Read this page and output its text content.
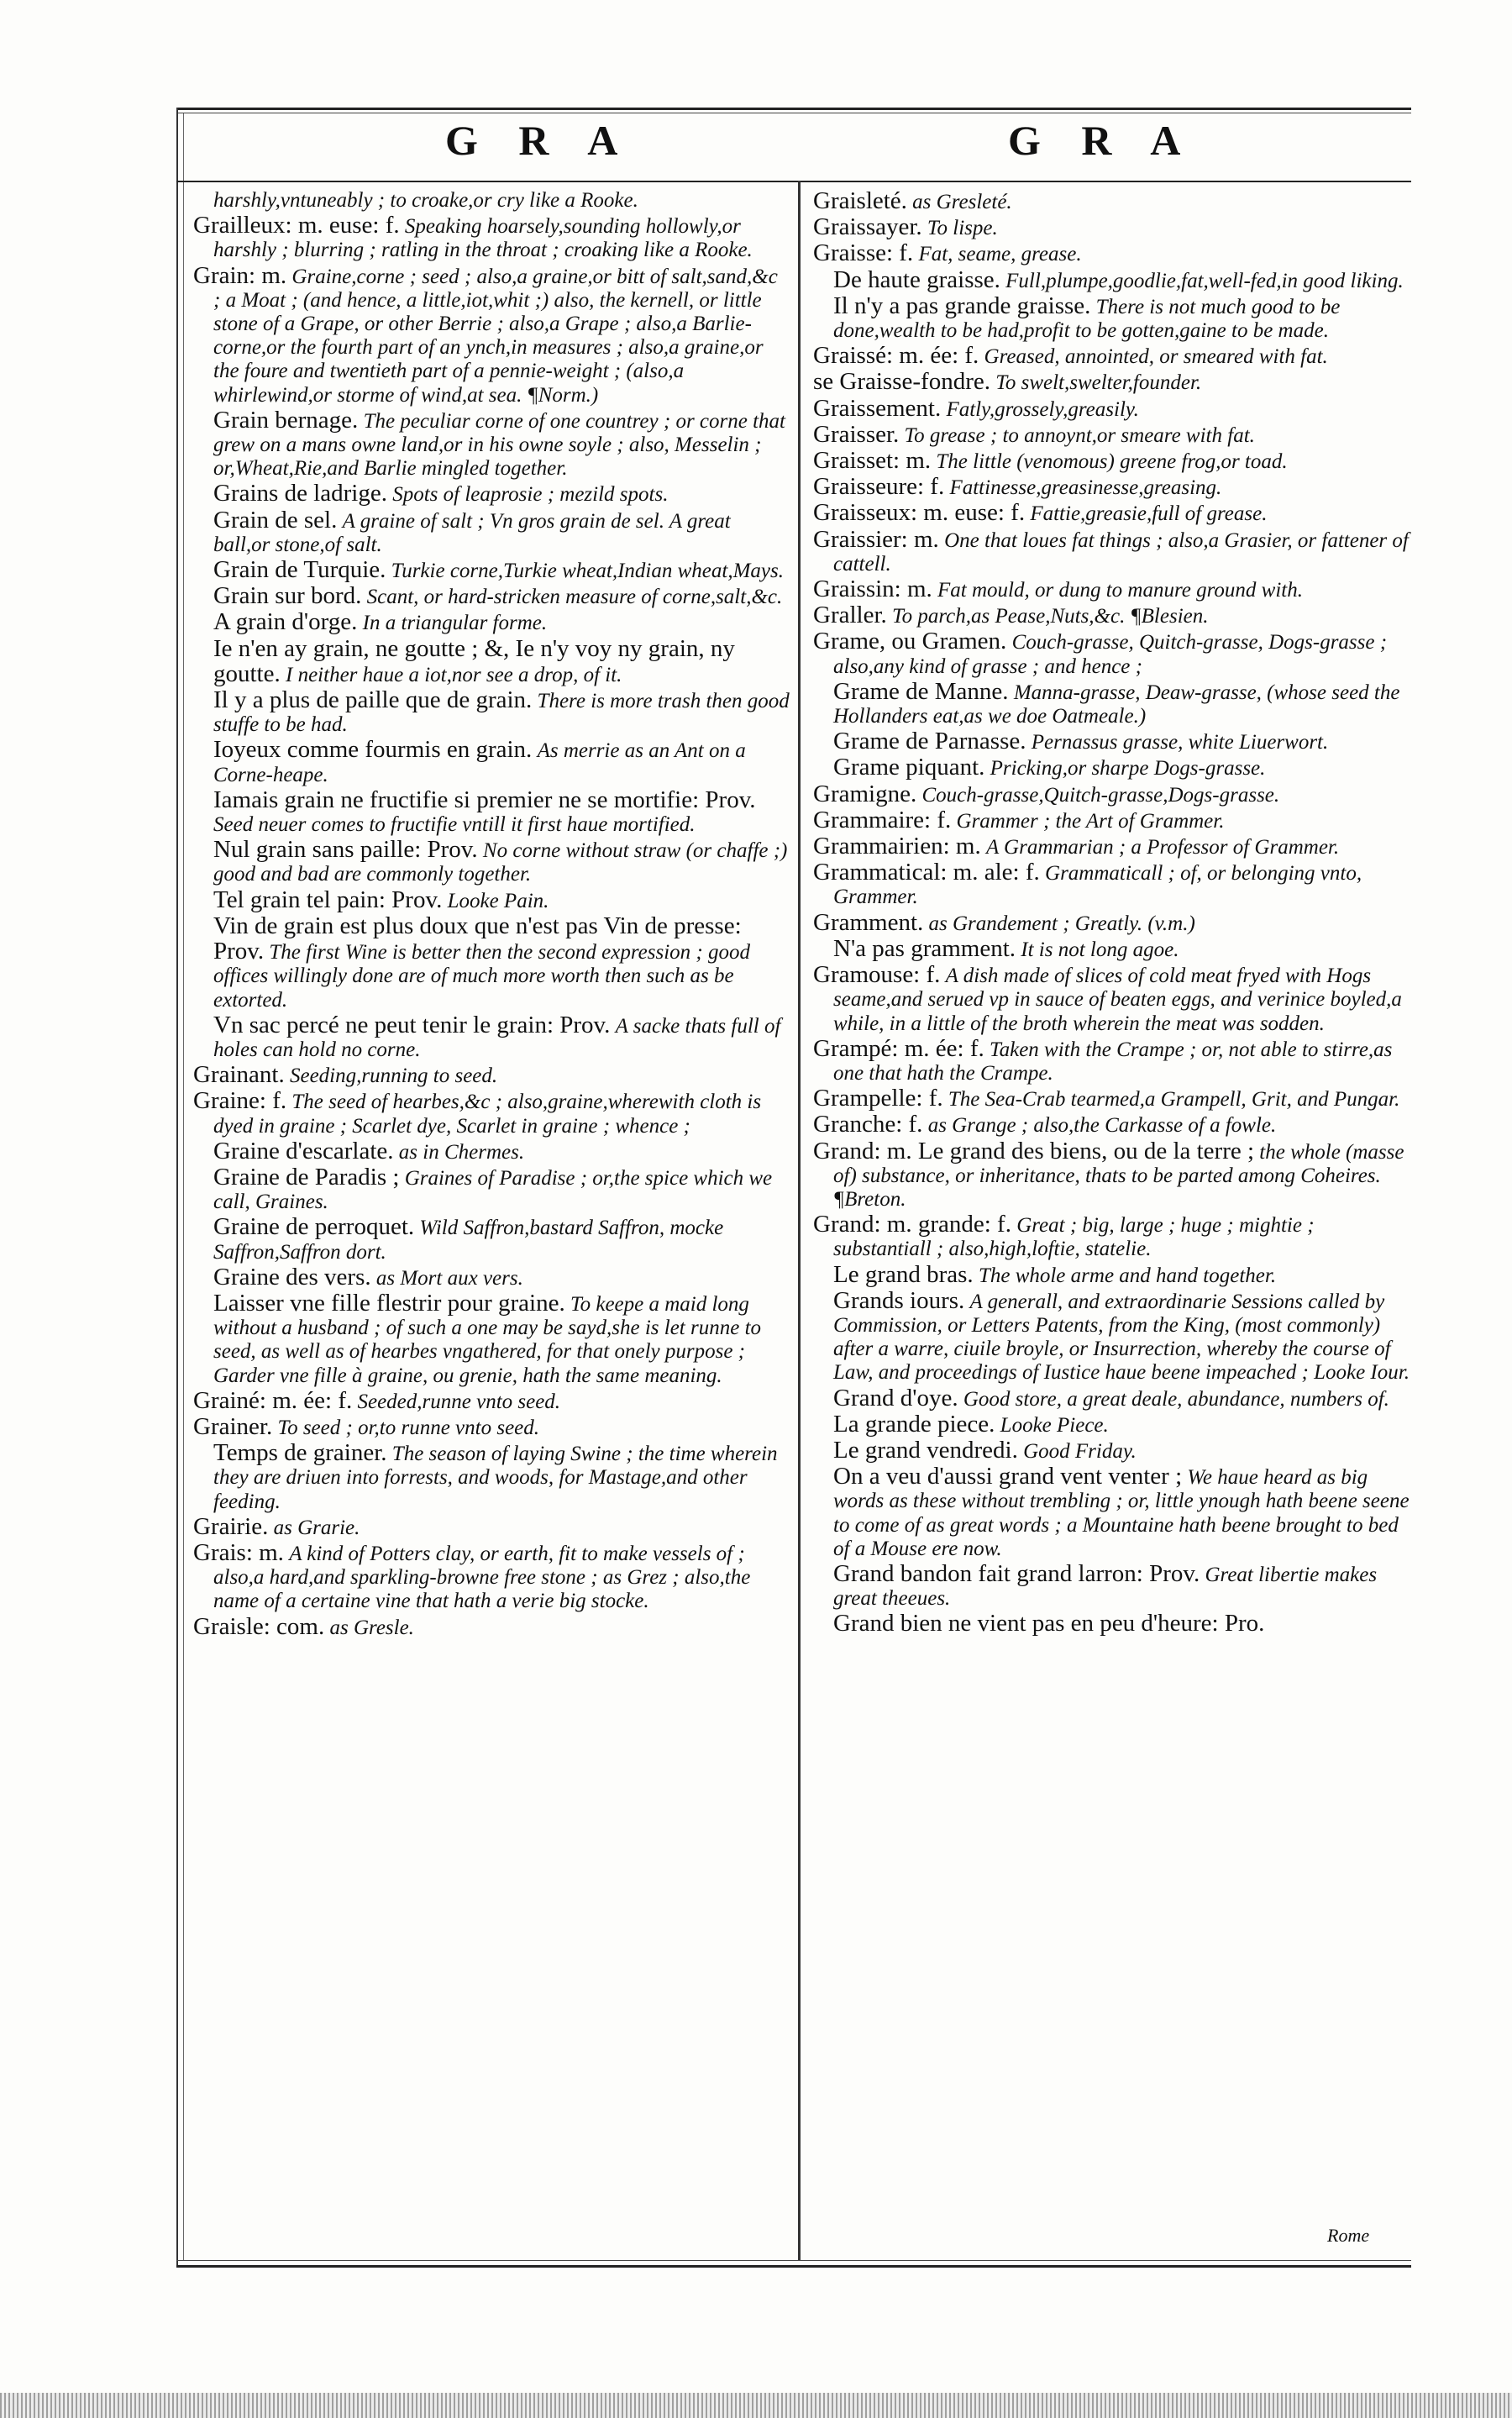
G R A	G R A
harshly,vntuneably ; to croake,or cry like a Rooke.
Grailleux: m. euse: f. Speaking hoarsely,sounding hollowly,or harshly ; blurring ; ratling in the throat ; croaking like a Rooke.
Grain: m. Graine,corne ; seed ; also,a graine,or bitt of salt,sand,&c ; a Moat ; (and hence, a little,iot,whit ;) also, the kernell, or little stone of a Grape, or other Berrie ; also,a Grape ; also,a Barlie-corne,or the fourth part of an ynch,in measures ; also,a graine,or the foure and twentieth part of a pennie-weight ; (also,a whirlewind,or storme of wind,at sea. ¶Norm.)
Grain bernage. The peculiar corne of one countrey ; or corne that grew on a mans owne land,or in his owne soyle ; also, Messelin ; or,Wheat,Rie,and Barlie mingled together.
Grains de ladrige. Spots of leaprosie ; mezild spots.
Grain de sel. A graine of salt ; Vn gros grain de sel. A great ball,or stone,of salt.
Grain de Turquie. Turkie corne,Turkie wheat,Indian wheat,Mays.
Grain sur bord. Scant, or hard-stricken measure of corne,salt,&c.
A grain d'orge. In a triangular forme.
Ie n'en ay grain, ne goutte ; &, Ie n'y voy ny grain, ny goutte. I neither haue a iot,nor see a drop, of it.
Il y a plus de paille que de grain. There is more trash then good stuffe to be had.
Ioyeux comme fourmis en grain. As merrie as an Ant on a Corne-heape.
Iamais grain ne fructifie si premier ne se mortifie: Prov. Seed neuer comes to fructifie vntill it first haue mortified.
Nul grain sans paille: Prov. No corne without straw (or chaffe ;) good and bad are commonly together.
Tel grain tel pain: Prov. Looke Pain.
Vin de grain est plus doux que n'est pas Vin de presse: Prov. The first Wine is better then the second expression ; good offices willingly done are of much more worth then such as be extorted.
Vn sac percé ne peut tenir le grain: Prov. A sacke thats full of holes can hold no corne.
Grainant. Seeding,running to seed.
Graine: f. The seed of hearbes,&c ; also,graine,wherewith cloth is dyed in graine ; Scarlet dye, Scarlet in graine ; whence ;
Graine d'escarlate. as in Chermes.
Graine de Paradis ; Graines of Paradise ; or,the spice which we call, Graines.
Graine de perroquet. Wild Saffron,bastard Saffron, mocke Saffron,Saffron dort.
Graine des vers. as Mort aux vers.
Laisser vne fille flestrir pour graine. To keepe a maid long without a husband ; of such a one may be sayd,she is let runne to seed, as well as of hearbes vngathered, for that onely purpose ; Garder vne fille à graine, ou grenie, hath the same meaning.
Grainé: m. ée: f. Seeded,runne vnto seed.
Grainer. To seed ; or,to runne vnto seed.
Temps de grainer. The season of laying Swine ; the time wherein they are driuen into forrests, and woods, for Mastage,and other feeding.
Grairie. as Grarie.
Grais: m. A kind of Potters clay, or earth, fit to make vessels of ; also,a hard,and sparkling-browne free stone ; as Grez ; also,the name of a certaine vine that hath a verie big stocke.
Graisle: com. as Gresle.
Graisleté. as Gresleté.
Graissayer. To lispe.
Graisse: f. Fat, seame, grease.
De haute graisse. Full,plumpe,goodlie,fat,well-fed,in good liking.
Il n'y a pas grande graisse. There is not much good to be done,wealth to be had,profit to be gotten,gaine to be made.
Graissé: m. ée: f. Greased, annointed, or smeared with fat.
se Graisse-fondre. To swelt,swelter,founder.
Graissement. Fatly,grossely,greasily.
Graisser. To grease ; to annoynt,or smeare with fat.
Graisset: m. The little (venomous) greene frog,or toad.
Graisseure: f. Fattinesse,greasinesse,greasing.
Graisseux: m. euse: f. Fattie,greasie,full of grease.
Graissier: m. One that loues fat things ; also,a Grasier, or fattener of cattell.
Graissin: m. Fat mould, or dung to manure ground with.
Graller. To parch,as Pease,Nuts,&c. ¶Blesien.
Grame, ou Gramen. Couch-grasse, Quitch-grasse, Dogs-grasse ; also,any kind of grasse ; and hence ;
Grame de Manne. Manna-grasse, Deaw-grasse, (whose seed the Hollanders eat,as we doe Oatmeale.)
Grame de Parnasse. Pernassus grasse, white Liuerwort.
Grame piquant. Pricking,or sharpe Dogs-grasse.
Gramigne. Couch-grasse,Quitch-grasse,Dogs-grasse.
Grammaire: f. Grammer ; the Art of Grammer.
Grammairien: m. A Grammarian ; a Professor of Grammer.
Grammatical: m. ale: f. Grammaticall ; of, or belonging vnto, Grammer.
Gramment. as Grandement ; Greatly. (v.m.)
N'a pas gramment. It is not long agoe.
Gramouse: f. A dish made of slices of cold meat fryed with Hogs seame,and serued vp in sauce of beaten eggs, and verinice boyled,a while, in a little of the broth wherein the meat was sodden.
Grampé: m. ée: f. Taken with the Crampe ; or, not able to stirre,as one that hath the Crampe.
Grampelle: f. The Sea-Crab tearmed,a Grampell, Grit, and Pungar.
Granche: f. as Grange ; also,the Carkasse of a fowle.
Grand: m. Le grand des biens, ou de la terre ; the whole (masse of) substance, or inheritance, thats to be parted among Coheires. ¶Breton.
Grand: m. grande: f. Great ; big, large ; huge ; mightie ; substantiall ; also,high,loftie, statelie.
Le grand bras. The whole arme and hand together.
Grands iours. A generall, and extraordinarie Sessions called by Commission, or Letters Patents, from the King, (most commonly) after a warre, ciuile broyle, or Insurrection, whereby the course of Law, and proceedings of Iustice haue beene impeached ; Looke Iour.
Grand d'oye. Good store, a great deale, abundance, numbers of.
La grande piece. Looke Piece.
Le grand vendredi. Good Friday.
On a veu d'aussi grand vent venter ; We haue heard as big words as these without trembling ; or, little ynough hath beene seene to come of as great words ; a Mountaine hath beene brought to bed of a Mouse ere now.
Grand bandon fait grand larron: Prov. Great libertie makes great theeues.
Grand bien ne vient pas en peu d'heure: Pro.
Rome
